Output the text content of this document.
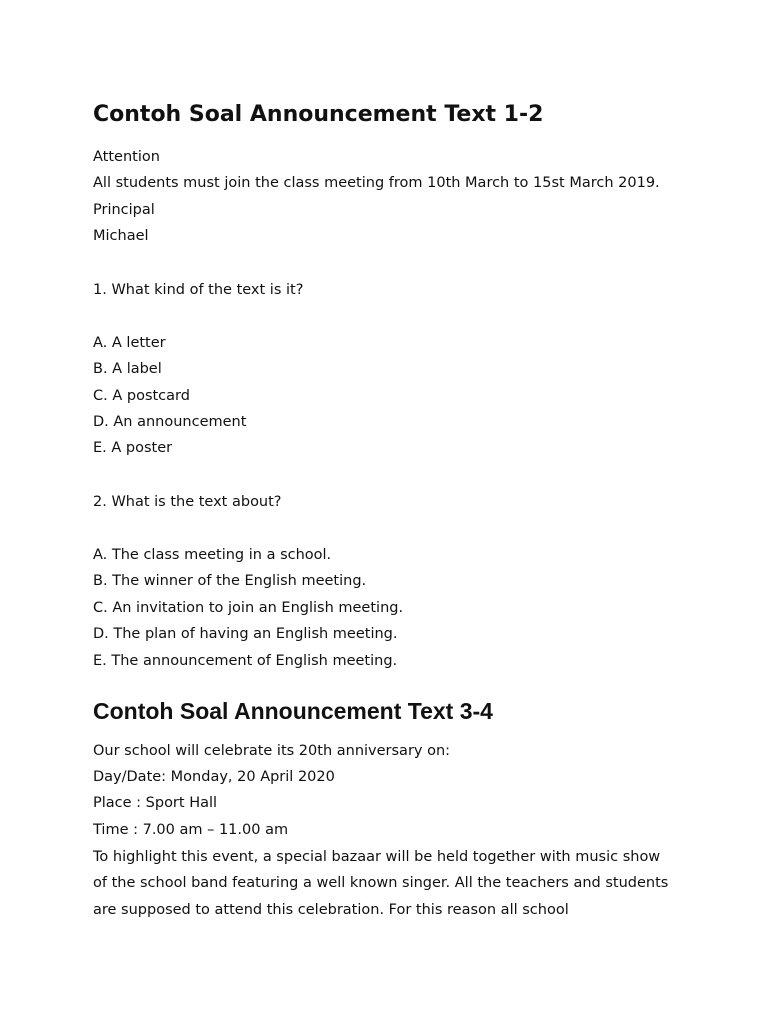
Contoh Soal Announcement Text 1-2
Attention
All students must join the class meeting from 10th March to 15st March 2019.
Principal
Michael
1. What kind of the text is it?
A. A letter
B. A label
C. A postcard
D. An announcement
E. A poster
2. What is the text about?
A. The class meeting in a school.
B. The winner of the English meeting.
C. An invitation to join an English meeting.
D. The plan of having an English meeting.
E. The announcement of English meeting.
Contoh Soal Announcement Text 3-4
Our school will celebrate its 20th anniversary on:
Day/Date: Monday, 20 April 2020
Place : Sport Hall
Time : 7.00 am – 11.00 am
To highlight this event, a special bazaar will be held together with music show
of the school band featuring a well known singer. All the teachers and students
are supposed to attend this celebration. For this reason all school
